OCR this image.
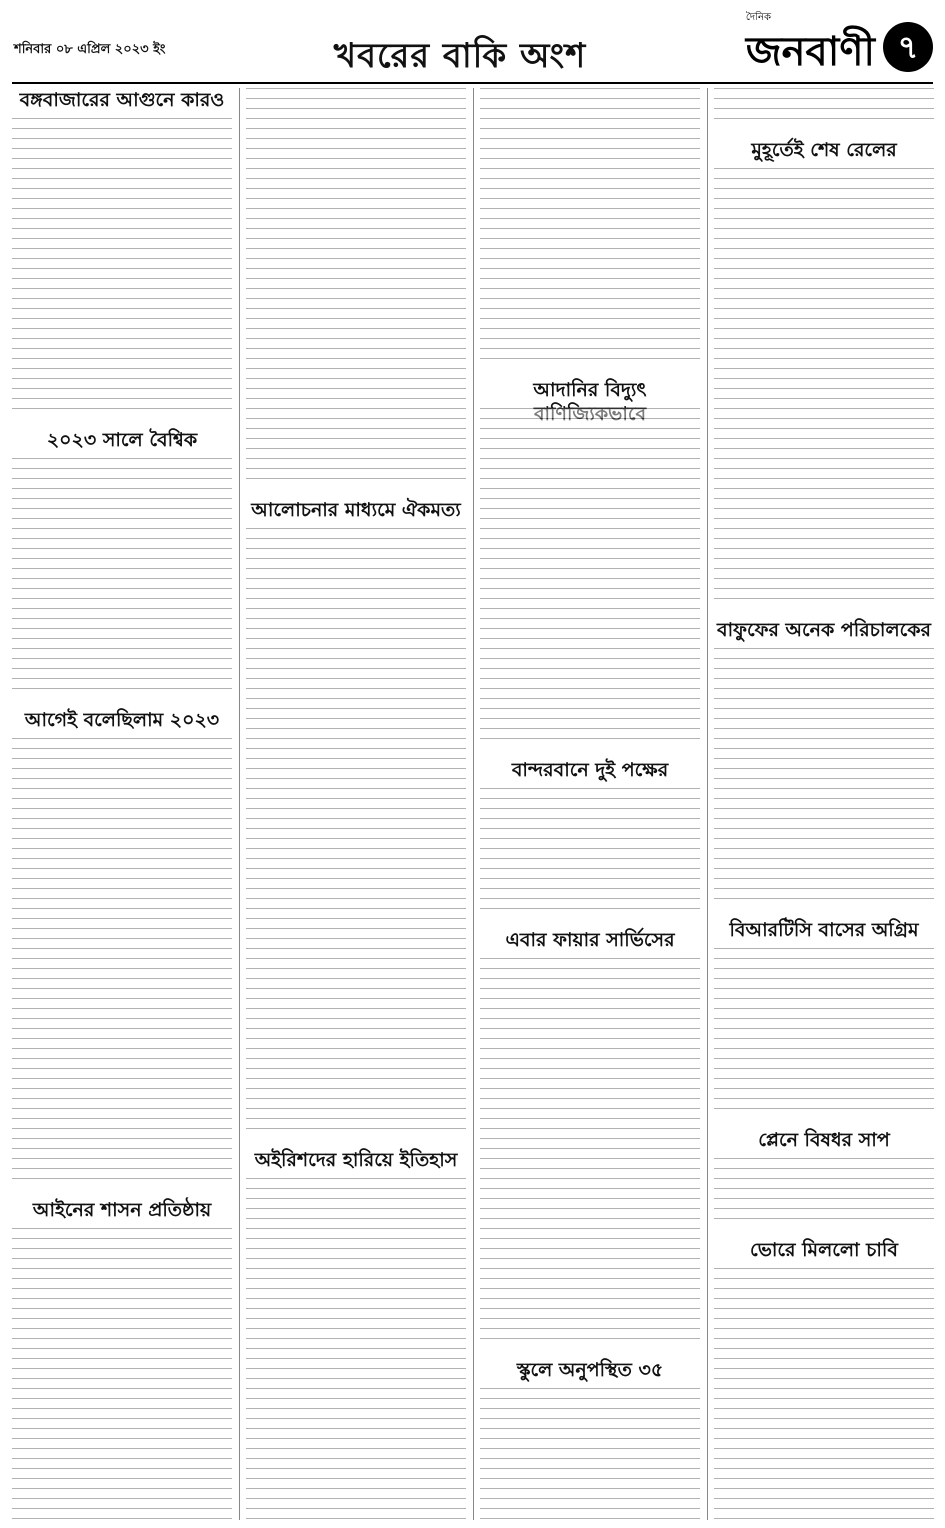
শনিবার ০৮ এপ্রিল ২০২৩ ইং	খবরের বাকি অংশ
দৈনিক
জনবাণী ৭
বঙ্গবাজারের আগুনে কারও
২০২৩ সালে বৈশ্বিক
আগেই বলেছিলাম ২০২৩
আইনের শাসন প্রতিষ্ঠায়
আলোচনার মাধ্যমে ঐকমত্য
অইরিশদের হারিয়ে ইতিহাস
আদানির বিদ্যুৎ বাণিজ্যিকভাবে
বান্দরবানে দুই পক্ষের
এবার ফায়ার সার্ভিসের
স্কুলে অনুপস্থিত ৩৫
মুহূর্তেই শেষ রেলের
বাফুফের অনেক পরিচালকের
বিআরটিসি বাসের অগ্রিম
প্লেনে বিষধর সাপ
ভোরে মিললো চাবি
